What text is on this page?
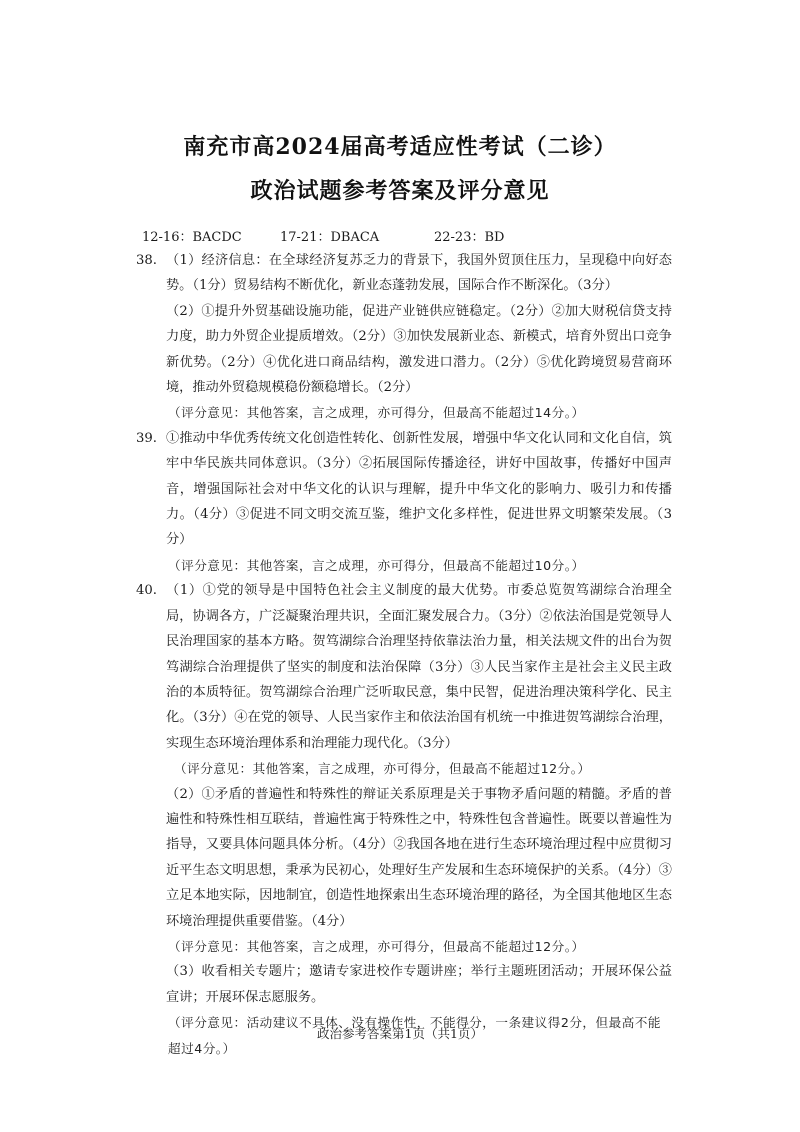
南充市高2024届高考适应性考试（二诊）
政治试题参考答案及评分意见
12-16：BACDC	17-21：DBACA	22-23：BD
38. （1）经济信息：在全球经济复苏乏力的背景下，我国外贸顶住压力，呈现稳中向好态势。（1分）贸易结构不断优化，新业态蓬勃发展，国际合作不断深化。（3分）

（2）①提升外贸基础设施功能，促进产业链供应链稳定。（2分）②加大财税信贷支持力度，助力外贸企业提质增效。（2分）③加快发展新业态、新模式，培育外贸出口竞争新优势。（2分）④优化进口商品结构，激发进口潜力。（2分）⑤优化跨境贸易营商环境，推动外贸稳规模稳份额稳增长。（2分）

（评分意见：其他答案，言之成理，亦可得分，但最高不能超过14分。）

39. ①推动中华优秀传统文化创造性转化、创新性发展，增强中华文化认同和文化自信，筑牢中华民族共同体意识。（3分）②拓展国际传播途径，讲好中国故事，传播好中国声音，增强国际社会对中华文化的认识与理解，提升中华文化的影响力、吸引力和传播力。（4分）③促进不同文明交流互鉴，维护文化多样性，促进世界文明繁荣发展。（3分）

（评分意见：其他答案，言之成理，亦可得分，但最高不能超过10分。）

40. （1）①党的领导是中国特色社会主义制度的最大优势。市委总览贺笃湖综合治理全局，协调各方，广泛凝聚治理共识，全面汇聚发展合力。（3分）②依法治国是党领导人民治理国家的基本方略。贺笃湖综合治理坚持依靠法治力量，相关法规文件的出台为贺笃湖综合治理提供了坚实的制度和法治保障（3分）③人民当家作主是社会主义民主政治的本质特征。贺笃湖综合治理广泛听取民意，集中民智，促进治理决策科学化、民主化。（3分）④在党的领导、人民当家作主和依法治国有机统一中推进贺笃湖综合治理，实现生态环境治理体系和治理能力现代化。（3分）

（评分意见：其他答案，言之成理，亦可得分，但最高不能超过12分。）

（2）①矛盾的普遍性和特殊性的辩证关系原理是关于事物矛盾问题的精髓。矛盾的普遍性和特殊性相互联结，普遍性寓于特殊性之中，特殊性包含普遍性。既要以普遍性为指导，又要具体问题具体分析。（4分）②我国各地在进行生态环境治理过程中应贯彻习近平生态文明思想，秉承为民初心，处理好生产发展和生态环境保护的关系。（4分）③立足本地实际，因地制宜，创造性地探索出生态环境治理的路径，为全国其他地区生态环境治理提供重要借鉴。（4分）

（评分意见：其他答案，言之成理，亦可得分，但最高不能超过12分。）

（3）收看相关专题片；邀请专家进校作专题讲座；举行主题班团活动；开展环保公益宣讲；开展环保志愿服务。

（评分意见：活动建议不具体、没有操作性，不能得分，一条建议得2分，但最高不能超过4分。）

政治参考答案第1页（共1页）
